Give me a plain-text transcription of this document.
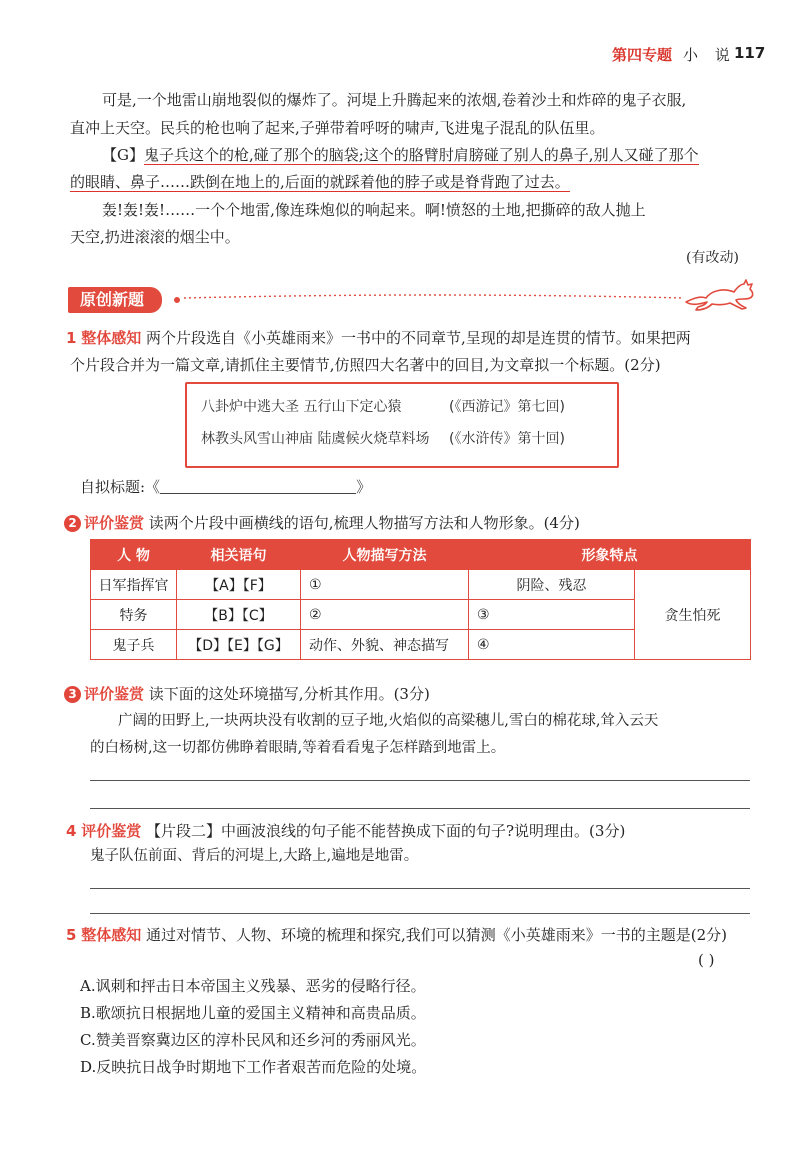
第四专题 小 说
117
可是,一个地雷山崩地裂似的爆炸了。河堤上升腾起来的浓烟,卷着沙土和炸碎的鬼子衣服,
直冲上天空。民兵的枪也响了起来,子弹带着呼呀的啸声,飞进鬼子混乱的队伍里。
【G】鬼子兵这个的枪,碰了那个的脑袋;这个的胳臂肘肩膀碰了别人的鼻子,别人又碰了那个
的眼睛、鼻子……跌倒在地上的,后面的就踩着他的脖子或是脊背跑了过去。
轰!轰!轰!……一个个地雷,像连珠炮似的响起来。啊!愤怒的土地,把撕碎的敌人抛上
天空,扔进滚滚的烟尘中。
(有改动)
原创新题
1 整体感知 两个片段选自《小英雄雨来》一书中的不同章节,呈现的却是连贯的情节。如果把两
个片段合并为一篇文章,请抓住主要情节,仿照四大名著中的回目,为文章拟一个标题。(2分)
八卦炉中逃大圣 五行山下定心猿	(《西游记》第七回)
林教头风雪山神庙 陆虞候火烧草料场 (《水浒传》第十回)
自拟标题:《	》
2 评价鉴赏 读两个片段中画横线的语句,梳理人物描写方法和人物形象。(4分)
人 物	相关语句	人物描写方法	形象特点	
日军指挥官	【A】【F】	①	阴险、残忍	贪生怕死
特务	【B】【C】	②	③	
鬼子兵	【D】【E】【G】	动作、外貌、神态描写	④	
3 评价鉴赏 读下面的这处环境描写,分析其作用。(3分)
广阔的田野上,一块两块没有收割的豆子地,火焰似的高粱穗儿,雪白的棉花球,耸入云天
的白杨树,这一切都仿佛睁着眼睛,等着看看鬼子怎样踏到地雷上。
4 评价鉴赏 【片段二】中画波浪线的句子能不能替换成下面的句子?说明理由。(3分)
鬼子队伍前面、背后的河堤上,大路上,遍地是地雷。
5 整体感知 通过对情节、人物、环境的梳理和探究,我们可以猜测《小英雄雨来》一书的主题是(2分)
( )
A.讽刺和抨击日本帝国主义残暴、恶劣的侵略行径。
B.歌颂抗日根据地儿童的爱国主义精神和高贵品质。
C.赞美晋察冀边区的淳朴民风和还乡河的秀丽风光。
D.反映抗日战争时期地下工作者艰苦而危险的处境。
